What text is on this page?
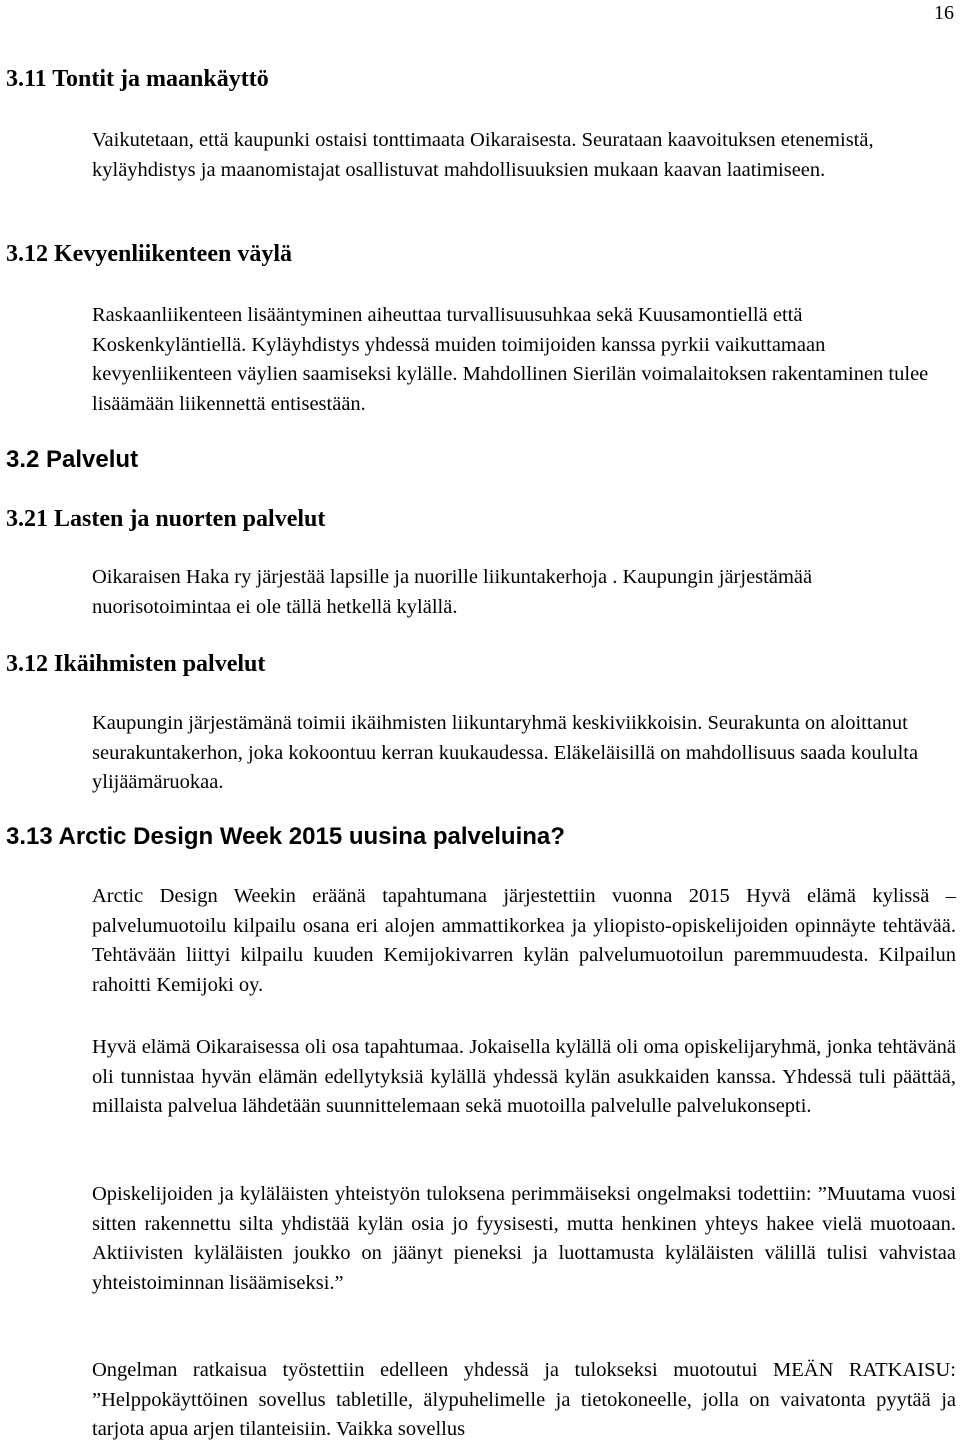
16
3.11 Tontit ja maankäyttö

Vaikutetaan, että kaupunki ostaisi tonttimaata Oikaraisesta. Seurataan kaavoituksen etenemistä, kyläyhdistys ja maanomistajat osallistuvat mahdollisuuksien mukaan kaavan laatimiseen.

3.12 Kevyenliikenteen väylä

Raskaanliikenteen lisääntyminen aiheuttaa turvallisuusuhkaa sekä Kuusamontiellä että Koskenkyläntiellä. Kyläyhdistys yhdessä muiden toimijoiden kanssa pyrkii vaikuttamaan kevyenliikenteen väylien saamiseksi kylälle. Mahdollinen Sierilän voimalaitoksen rakentaminen tulee lisäämään liikennettä entisestään.

3.2 Palvelut
3.21 Lasten ja nuorten palvelut

Oikaraisen Haka ry järjestää lapsille ja nuorille liikuntakerhoja . Kaupungin järjestämää nuorisotoimintaa ei ole tällä hetkellä kylällä.

3.12 Ikäihmisten palvelut

Kaupungin järjestämänä toimii ikäihmisten liikuntaryhmä keskiviikkoisin. Seurakunta on aloittanut seurakuntakerhon, joka kokoontuu kerran kuukaudessa. Eläkeläisillä on mahdollisuus saada koululta ylijäämäruokaa.

3.13 Arctic Design Week 2015 uusina palveluina?

Arctic Design Weekin eräänä tapahtumana järjestettiin vuonna 2015 Hyvä elämä kylissä – palvelumuotoilu kilpailu osana eri alojen ammattikorkea ja yliopisto-opiskelijoiden opinnäyte tehtävää. Tehtävään liittyi kilpailu kuuden Kemijokivarren kylän palvelumuotoilun paremmuudesta. Kilpailun rahoitti Kemijoki oy.

Hyvä elämä Oikaraisessa oli osa tapahtumaa. Jokaisella kylällä oli oma opiskelijaryhmä, jonka tehtävänä oli tunnistaa hyvän elämän edellytyksiä kylällä yhdessä kylän asukkaiden kanssa. Yhdessä tuli päättää, millaista palvelua lähdetään suunnittelemaan sekä muotoilla palvelulle palvelukonsepti.

Opiskelijoiden ja kyläläisten yhteistyön tuloksena perimmäiseksi ongelmaksi todettiin: ”Muutama vuosi sitten rakennettu silta yhdistää kylän osia jo fyysisesti, mutta henkinen yhteys hakee vielä muotoaan. Aktiivisten kyläläisten joukko on jäänyt pieneksi ja luottamusta kyläläisten välillä tulisi vahvistaa yhteistoiminnan lisäämiseksi.”

Ongelman ratkaisua työstettiin edelleen yhdessä ja tulokseksi muotoutui MEÄN RATKAISU: ”Helppokäyttöinen sovellus tabletille, älypuhelimelle ja tietokoneelle, jolla on vaivatonta pyytää ja tarjota apua arjen tilanteisiin. Vaikka sovellus
